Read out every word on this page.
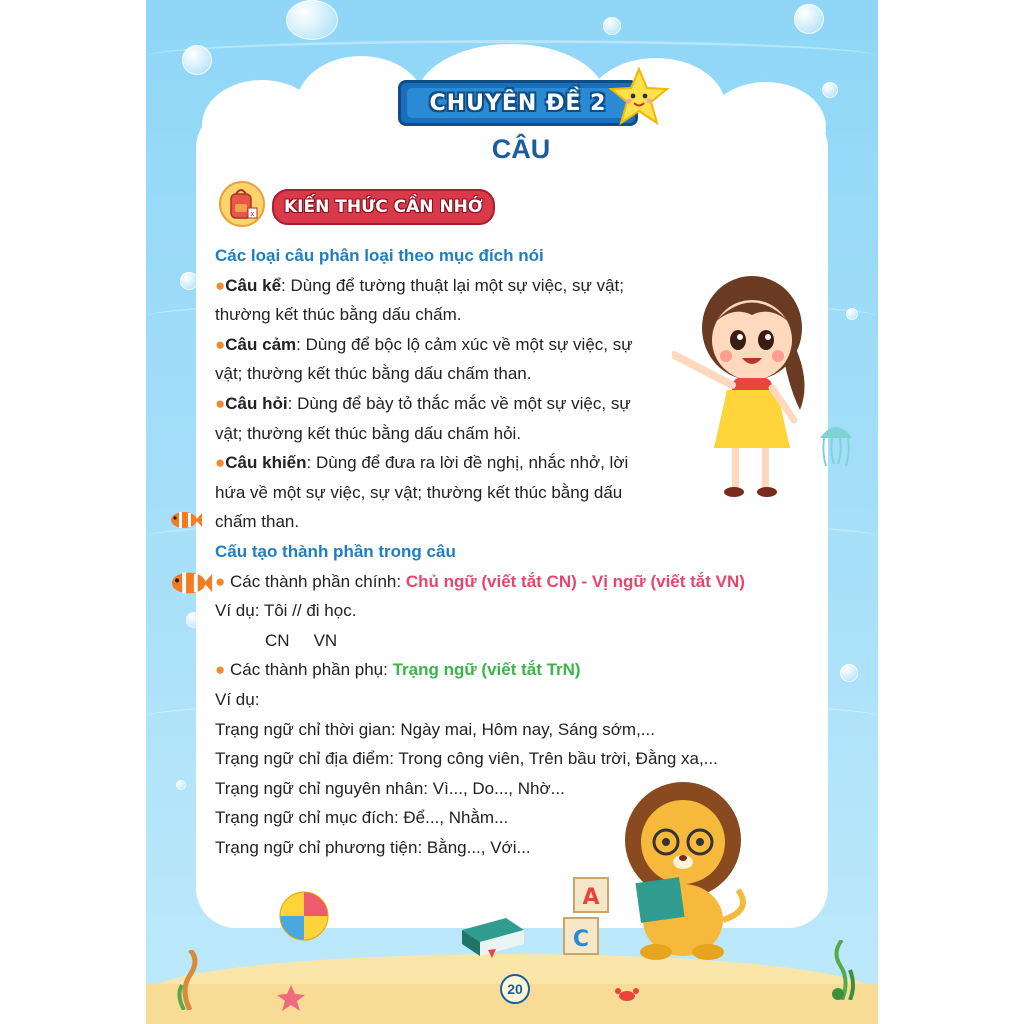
CHUYÊN ĐỀ 2
CÂU
x	KIẾN THỨC CẦN NHỚ

Các loại câu phân loại theo mục đích nói

●Câu kể: Dùng để tường thuật lại một sự việc, sự vật;

thường kết thúc bằng dấu chấm.

●Câu cảm: Dùng để bộc lộ cảm xúc về một sự việc, sự

vật; thường kết thúc bằng dấu chấm than.

●Câu hỏi: Dùng để bày tỏ thắc mắc về một sự việc, sự

vật; thường kết thúc bằng dấu chấm hỏi.

●Câu khiến: Dùng để đưa ra lời đề nghị, nhắc nhở, lời

hứa về một sự việc, sự vật; thường kết thúc bằng dấu

chấm than.

Cấu tạo thành phần trong câu

● Các thành phần chính: Chủ ngữ (viết tắt CN) - Vị ngữ (viết tắt VN)

Ví dụ: Tôi // đi học.

CN VN

● Các thành phần phụ: Trạng ngữ (viết tắt TrN)

Ví dụ:

Trạng ngữ chỉ thời gian: Ngày mai, Hôm nay, Sáng sớm,...

Trạng ngữ chỉ địa điểm: Trong công viên, Trên bầu trời, Đằng xa,...

Trạng ngữ chỉ nguyên nhân: Vì..., Do..., Nhờ...

Trạng ngữ chỉ mục đích: Để..., Nhằm...

Trạng ngữ chỉ phương tiện: Bằng..., Với...

A
C
20
